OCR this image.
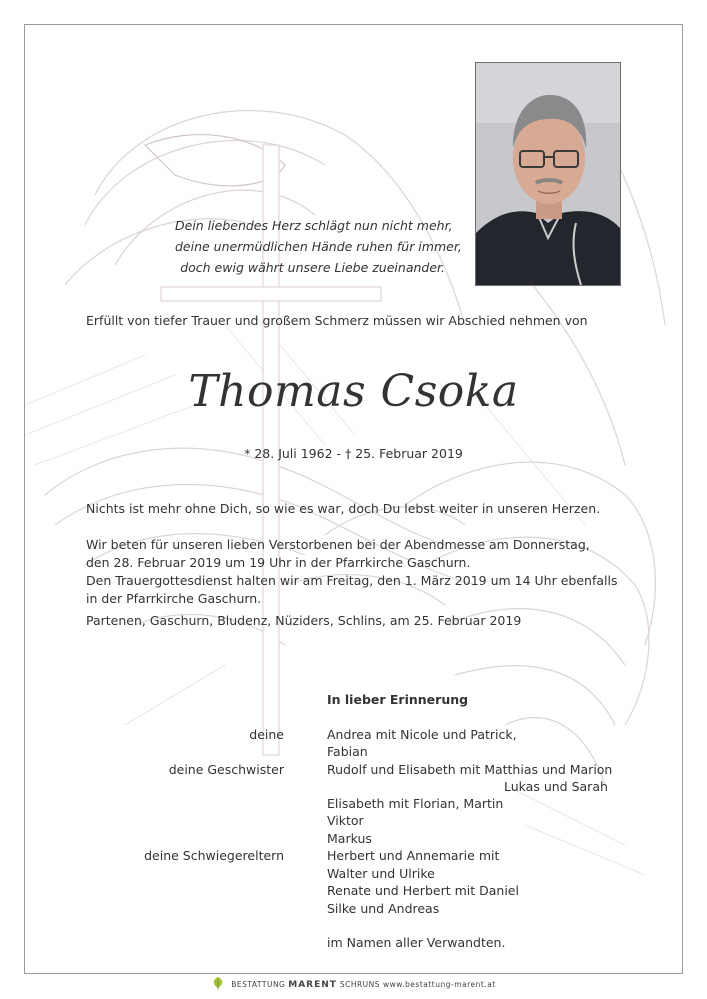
Dein liebendes Herz schlägt nun nicht mehr,
deine unermüdlichen Hände ruhen für immer,
doch ewig währt unsere Liebe zueinander.
Erfüllt von tiefer Trauer und großem Schmerz müssen wir Abschied nehmen von
Thomas Csoka
* 28. Juli 1962 - † 25. Februar 2019
Nichts ist mehr ohne Dich, so wie es war, doch Du lebst weiter in unseren Herzen.
Wir beten für unseren lieben Verstorbenen bei der Abendmesse am Donnerstag,
den 28. Februar 2019 um 19 Uhr in der Pfarrkirche Gaschurn.
Den Trauergottesdienst halten wir am Freitag, den 1. März 2019 um 14 Uhr ebenfalls
in der Pfarrkirche Gaschurn.
Partenen, Gaschurn, Bludenz, Nüziders, Schlins, am 25. Februar 2019
In lieber Erinnerung
deine
deine Geschwister
deine Schwiegereltern
Andrea mit Nicole und Patrick,
Fabian
Rudolf und Elisabeth mit Matthias und Marion
Lukas und Sarah
Elisabeth mit Florian, Martin
Viktor
Markus
Herbert und Annemarie mit
Walter und Ulrike
Renate und Herbert mit Daniel
Silke und Andreas
im Namen aller Verwandten.
BESTATTUNG MARENT SCHRUNS www.bestattung-marent.at
